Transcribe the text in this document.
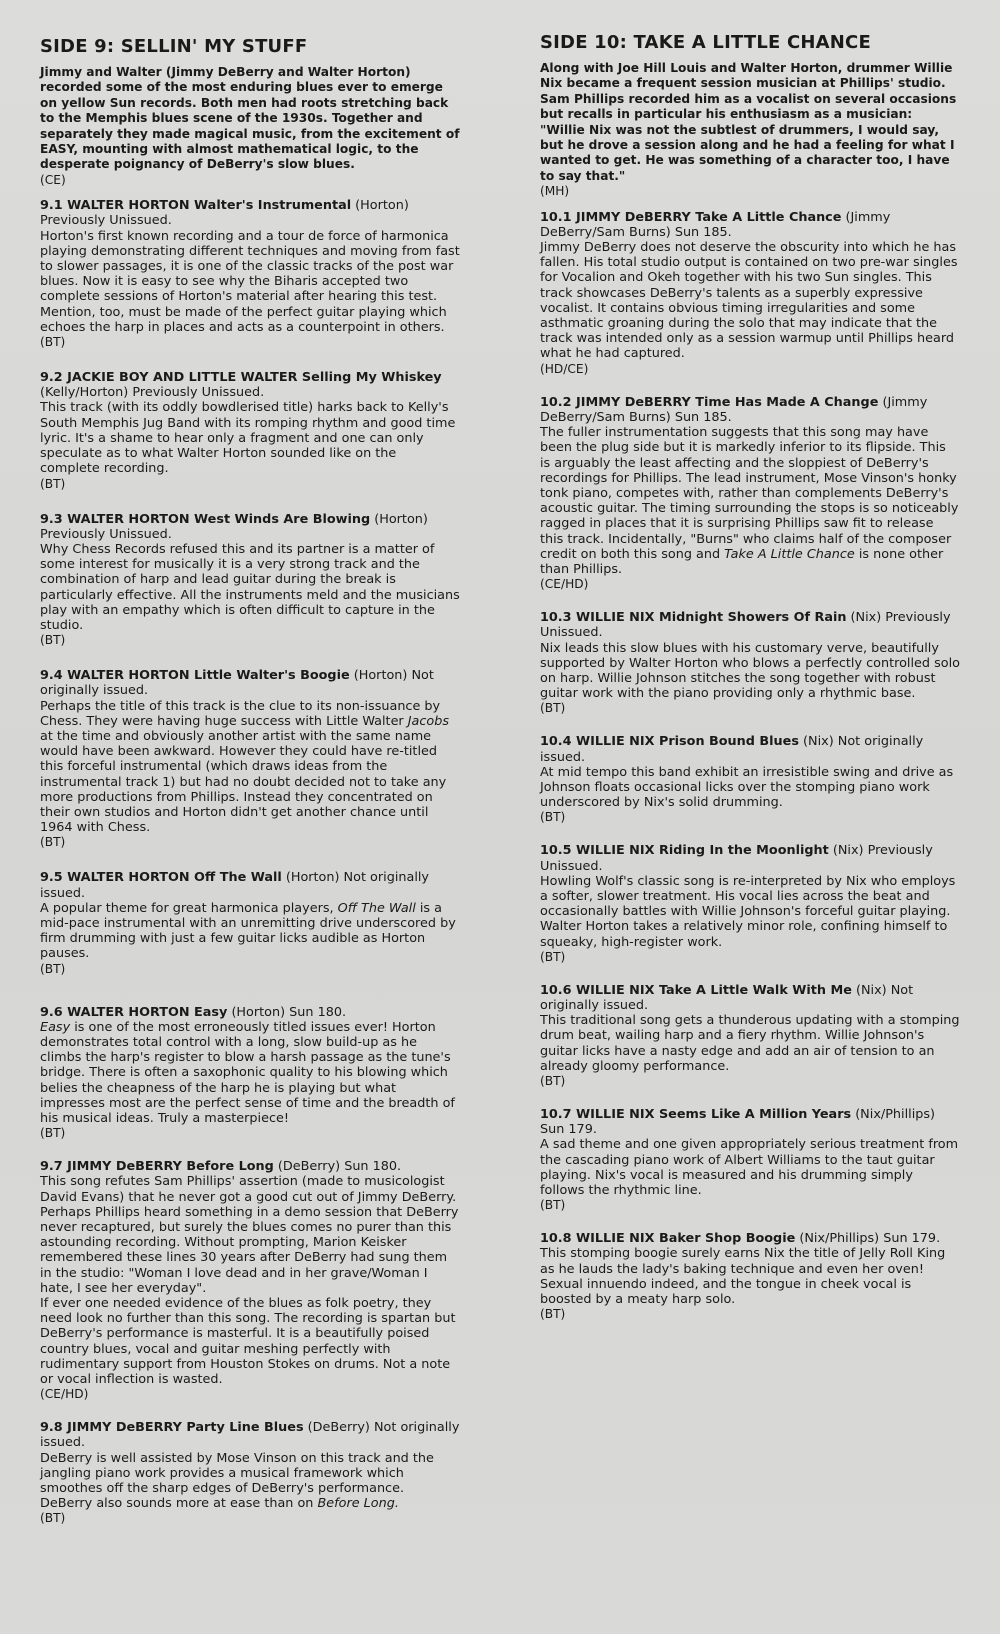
SIDE 9: SELLIN' MY STUFF

Jimmy and Walter (Jimmy DeBerry and Walter Horton) recorded some of the most enduring blues ever to emerge on yellow Sun records. Both men had roots stretching back to the Memphis blues scene of the 1930s. Together and separately they made magical music, from the excitement of EASY, mounting with almost mathematical logic, to the desperate poignancy of DeBerry's slow blues.

(CE)

9.1 WALTER HORTON Walter's Instrumental (Horton) Previously Unissued.

Horton's first known recording and a tour de force of harmonica playing demonstrating different techniques and moving from fast to slower passages, it is one of the classic tracks of the post war blues. Now it is easy to see why the Biharis accepted two complete sessions of Horton's material after hearing this test. Mention, too, must be made of the perfect guitar playing which echoes the harp in places and acts as a counterpoint in others.

(BT)

9.2 JACKIE BOY AND LITTLE WALTER Selling My Whiskey (Kelly/Horton) Previously Unissued.

This track (with its oddly bowdlerised title) harks back to Kelly's South Memphis Jug Band with its romping rhythm and good time lyric. It's a shame to hear only a fragment and one can only speculate as to what Walter Horton sounded like on the complete recording.

(BT)

9.3 WALTER HORTON West Winds Are Blowing (Horton) Previously Unissued.

Why Chess Records refused this and its partner is a matter of some interest for musically it is a very strong track and the combination of harp and lead guitar during the break is particularly effective. All the instruments meld and the musicians play with an empathy which is often difficult to capture in the studio.

(BT)

9.4 WALTER HORTON Little Walter's Boogie (Horton) Not originally issued.

Perhaps the title of this track is the clue to its non-issuance by Chess. They were having huge success with Little Walter Jacobs at the time and obviously another artist with the same name would have been awkward. However they could have re-titled this forceful instrumental (which draws ideas from the instrumental track 1) but had no doubt decided not to take any more productions from Phillips. Instead they concentrated on their own studios and Horton didn't get another chance until 1964 with Chess.

(BT)

9.5 WALTER HORTON Off The Wall (Horton) Not originally issued.

A popular theme for great harmonica players, Off The Wall is a mid-pace instrumental with an unremitting drive underscored by firm drumming with just a few guitar licks audible as Horton pauses.

(BT)

9.6 WALTER HORTON Easy (Horton) Sun 180.

Easy is one of the most erroneously titled issues ever! Horton demonstrates total control with a long, slow build-up as he climbs the harp's register to blow a harsh passage as the tune's bridge. There is often a saxophonic quality to his blowing which belies the cheapness of the harp he is playing but what impresses most are the perfect sense of time and the breadth of his musical ideas. Truly a masterpiece!

(BT)

9.7 JIMMY DeBERRY Before Long (DeBerry) Sun 180.

This song refutes Sam Phillips' assertion (made to musicologist David Evans) that he never got a good cut out of Jimmy DeBerry. Perhaps Phillips heard something in a demo session that DeBerry never recaptured, but surely the blues comes no purer than this astounding recording. Without prompting, Marion Keisker remembered these lines 30 years after DeBerry had sung them in the studio: "Woman I love dead and in her grave/Woman I hate, I see her everyday".

If ever one needed evidence of the blues as folk poetry, they need look no further than this song. The recording is spartan but DeBerry's performance is masterful. It is a beautifully poised country blues, vocal and guitar meshing perfectly with rudimentary support from Houston Stokes on drums. Not a note or vocal inflection is wasted.

(CE/HD)

9.8 JIMMY DeBERRY Party Line Blues (DeBerry) Not originally issued.

DeBerry is well assisted by Mose Vinson on this track and the jangling piano work provides a musical framework which smoothes off the sharp edges of DeBerry's performance. DeBerry also sounds more at ease than on Before Long.

(BT)

SIDE 10: TAKE A LITTLE CHANCE

Along with Joe Hill Louis and Walter Horton, drummer Willie Nix became a frequent session musician at Phillips' studio. Sam Phillips recorded him as a vocalist on several occasions but recalls in particular his enthusiasm as a musician: "Willie Nix was not the subtlest of drummers, I would say, but he drove a session along and he had a feeling for what I wanted to get. He was something of a character too, I have to say that."

(MH)

10.1 JIMMY DeBERRY Take A Little Chance (Jimmy DeBerry/Sam Burns) Sun 185.

Jimmy DeBerry does not deserve the obscurity into which he has fallen. His total studio output is contained on two pre-war singles for Vocalion and Okeh together with his two Sun singles. This track showcases DeBerry's talents as a superbly expressive vocalist. It contains obvious timing irregularities and some asthmatic groaning during the solo that may indicate that the track was intended only as a session warmup until Phillips heard what he had captured.

(HD/CE)

10.2 JIMMY DeBERRY Time Has Made A Change (Jimmy DeBerry/Sam Burns) Sun 185.

The fuller instrumentation suggests that this song may have been the plug side but it is markedly inferior to its flipside. This is arguably the least affecting and the sloppiest of DeBerry's recordings for Phillips. The lead instrument, Mose Vinson's honky tonk piano, competes with, rather than complements DeBerry's acoustic guitar. The timing surrounding the stops is so noticeably ragged in places that it is surprising Phillips saw fit to release this track. Incidentally, "Burns" who claims half of the composer credit on both this song and Take A Little Chance is none other than Phillips.

(CE/HD)

10.3 WILLIE NIX Midnight Showers Of Rain (Nix) Previously Unissued.

Nix leads this slow blues with his customary verve, beautifully supported by Walter Horton who blows a perfectly controlled solo on harp. Willie Johnson stitches the song together with robust guitar work with the piano providing only a rhythmic base.

(BT)

10.4 WILLIE NIX Prison Bound Blues (Nix) Not originally issued.

At mid tempo this band exhibit an irresistible swing and drive as Johnson floats occasional licks over the stomping piano work underscored by Nix's solid drumming.

(BT)

10.5 WILLIE NIX Riding In the Moonlight (Nix) Previously Unissued.

Howling Wolf's classic song is re-interpreted by Nix who employs a softer, slower treatment. His vocal lies across the beat and occasionally battles with Willie Johnson's forceful guitar playing. Walter Horton takes a relatively minor role, confining himself to squeaky, high-register work.

(BT)

10.6 WILLIE NIX Take A Little Walk With Me (Nix) Not originally issued.

This traditional song gets a thunderous updating with a stomping drum beat, wailing harp and a fiery rhythm. Willie Johnson's guitar licks have a nasty edge and add an air of tension to an already gloomy performance.

(BT)

10.7 WILLIE NIX Seems Like A Million Years (Nix/Phillips) Sun 179.

A sad theme and one given appropriately serious treatment from the cascading piano work of Albert Williams to the taut guitar playing. Nix's vocal is measured and his drumming simply follows the rhythmic line.

(BT)

10.8 WILLIE NIX Baker Shop Boogie (Nix/Phillips) Sun 179.

This stomping boogie surely earns Nix the title of Jelly Roll King as he lauds the lady's baking technique and even her oven! Sexual innuendo indeed, and the tongue in cheek vocal is boosted by a meaty harp solo.

(BT)
